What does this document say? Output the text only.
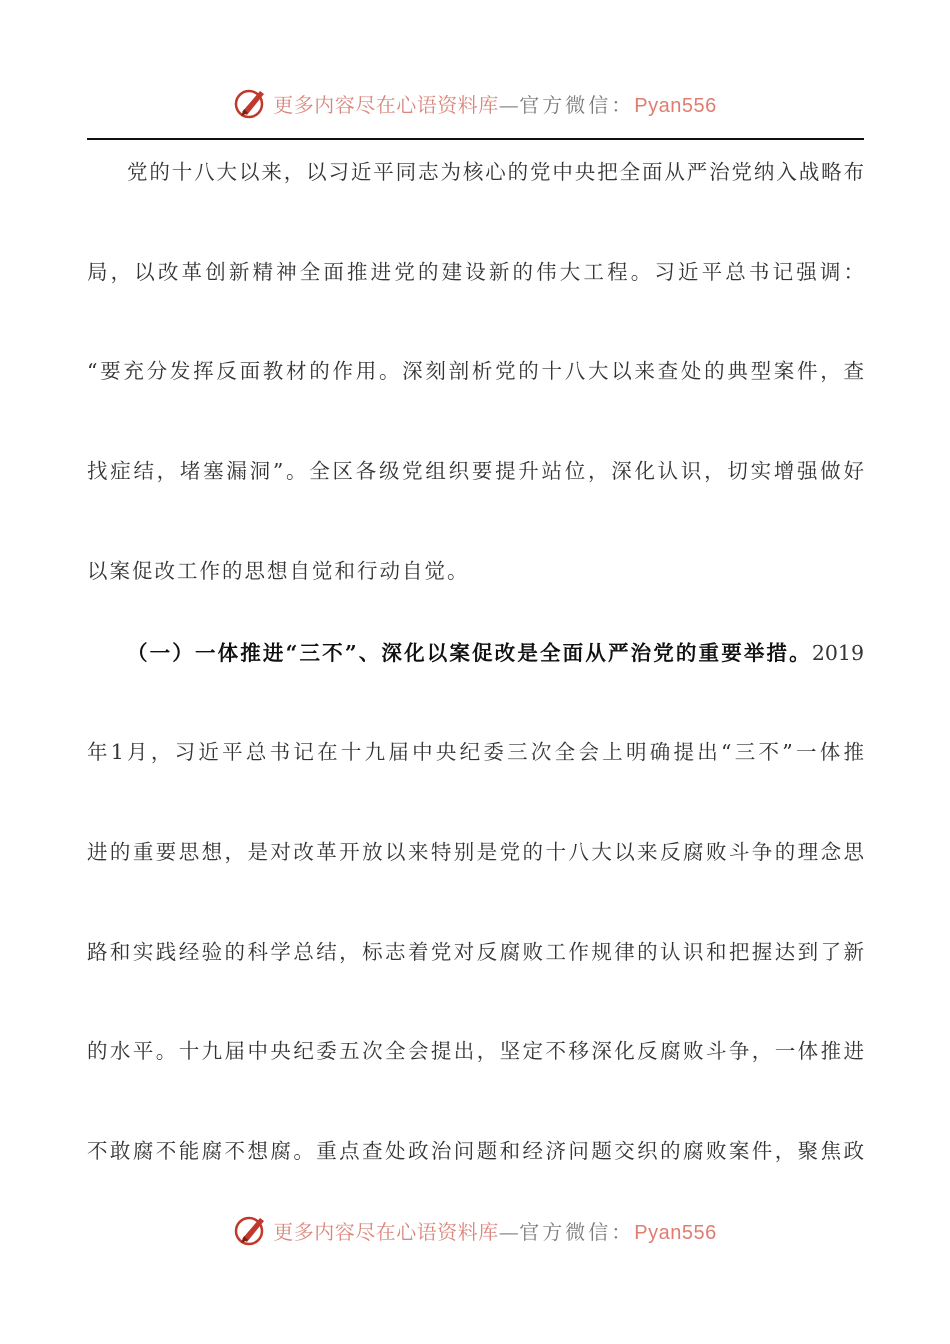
更多内容尽在心语资料库—官方微信：Pyan556
党的十八大以来，以习近平同志为核心的党中央把全面从严治党纳入战略布
局，以改革创新精神全面推进党的建设新的伟大工程。习近平总书记强调：
“要充分发挥反面教材的作用。深刻剖析党的十八大以来查处的典型案件，查
找症结，堵塞漏洞”。全区各级党组织要提升站位，深化认识，切实增强做好
以案促改工作的思想自觉和行动自觉。
（一）一体推进“三不”、深化以案促改是全面从严治党的重要举措。2019
年1月，习近平总书记在十九届中央纪委三次全会上明确提出“三不”一体推
进的重要思想，是对改革开放以来特别是党的十八大以来反腐败斗争的理念思
路和实践经验的科学总结，标志着党对反腐败工作规律的认识和把握达到了新
的水平。十九届中央纪委五次全会提出，坚定不移深化反腐败斗争，一体推进
不敢腐不能腐不想腐。重点查处政治问题和经济问题交织的腐败案件，聚焦政
更多内容尽在心语资料库—官方微信：Pyan556
